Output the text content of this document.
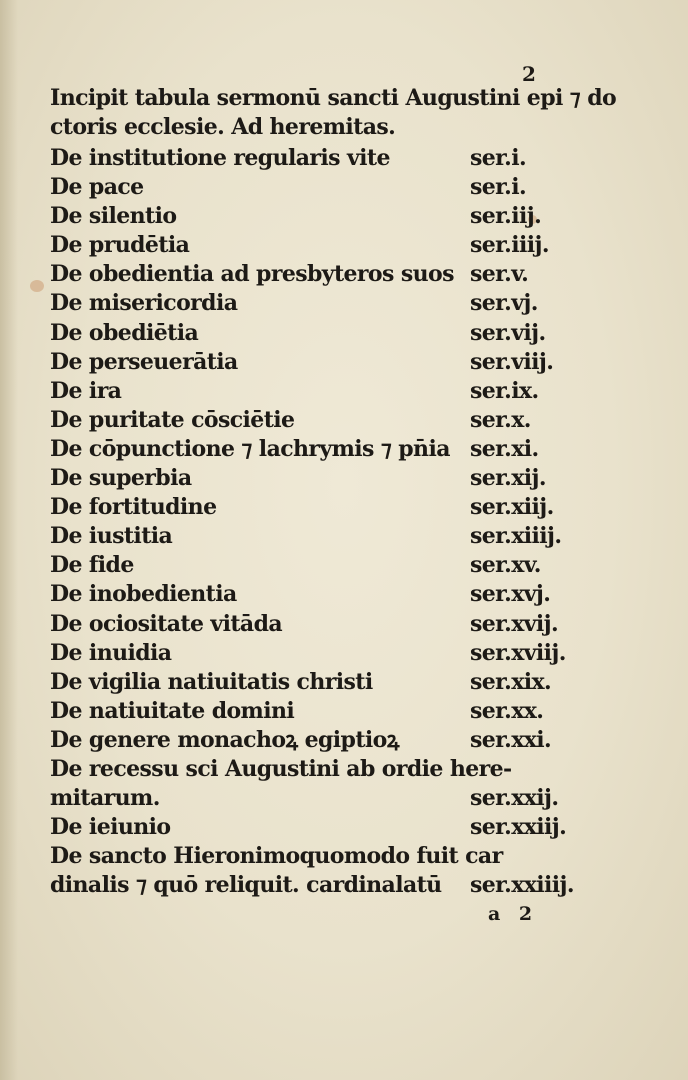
2
Incipit tabula sermonū sancti Augustini epi ⁊ do
ctoris ecclesie. Ad heremitas.
De institutione regularis vite	ser.i.
De pace	ser.i.
De silentio	ser.iij.
De prudētia	ser.iiij.
De obedientia ad presbyteros suos ser.v.
De misericordia	ser.vj.
De obediētia	ser.vij.
De perseuerātia	ser.viij.
De ira	ser.ix.
De puritate cōsciētie	ser.x.
De cōpunctione ⁊ lachrymis ⁊ pn̄ia ser.xi.
De superbia	ser.xij.
De fortitudine	ser.xiij.
De iustitia	ser.xiiij.
De fide	ser.xv.
De inobedientia	ser.xvj.
De ociositate vitāda	ser.xvij.
De inuidia	ser.xviij.
De vigilia natiuitatis christi	ser.xix.
De natiuitate domini	ser.xx.
De genere monachoꝝ egiptioꝝ	ser.xxi.
De recessu sci Augustini ab ordie here-
mitarum.	ser.xxij.
De ieiunio	ser.xxiij.
De sancto Hieronimoquomodo fuit car
dinalis ⁊ quō reliquit. cardinalatū ser.xxiiij.
a 2
